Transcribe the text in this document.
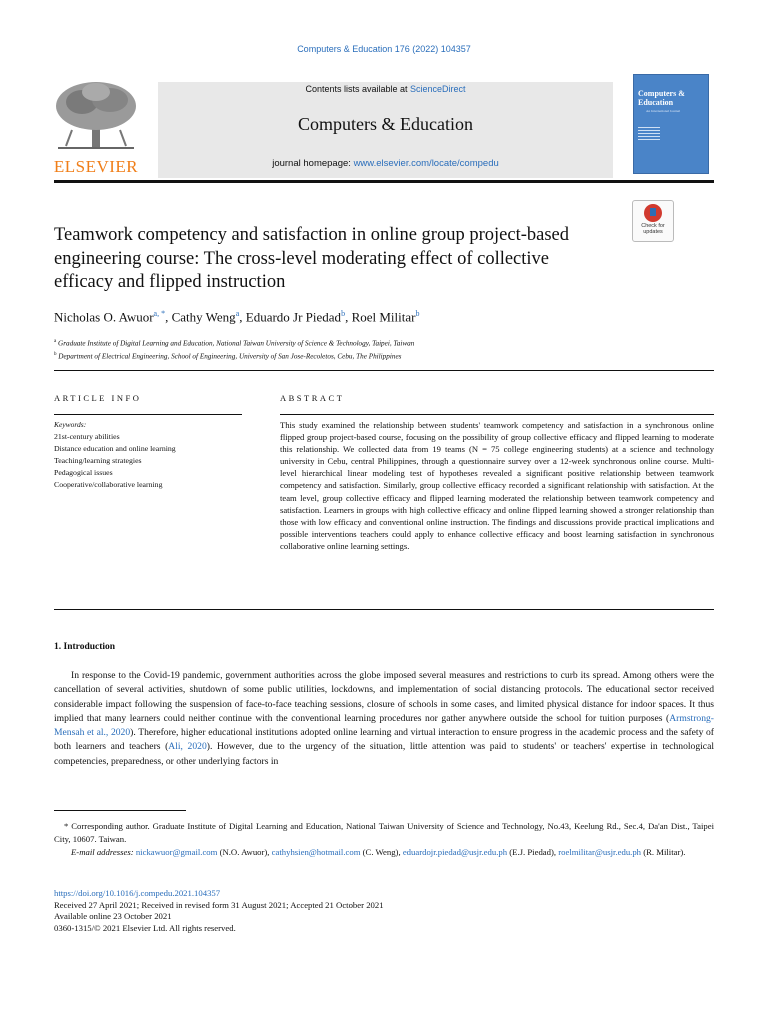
Computers & Education 176 (2022) 104357
ELSEVIER
Contents lists available at ScienceDirect
Computers & Education
journal homepage: www.elsevier.com/locate/compedu
Computers & Education
An International Journal
Check for updates
Teamwork competency and satisfaction in online group project-based engineering course: The cross-level moderating effect of collective efficacy and flipped instruction
Nicholas O. Awuor$^{a, *}$, Cathy Weng$^a$, Eduardo Jr Piedad$^b$, Roel Militar$^b$
$^a$ Graduate Institute of Digital Learning and Education, National Taiwan University of Science & Technology, Taipei, Taiwan
$^b$ Department of Electrical Engineering, School of Engineering, University of San Jose-Recoletos, Cebu, The Philippines
ARTICLE INFO
Keywords:
21st-century abilities
Distance education and online learning
Teaching/learning strategies
Pedagogical issues
Cooperative/collaborative learning
ABSTRACT
This study examined the relationship between students' teamwork competency and satisfaction in a synchronous online flipped group project-based course, focusing on the possibility of group collective efficacy and flipped learning to moderate this relationship. We collected data from 19 teams (N = 75 college engineering students) at a science and technology university in Cebu, central Philippines, through a questionnaire survey over a 12-week synchronous online course. Multi-level hierarchical linear modeling test of hypotheses revealed a significant positive relationship between teamwork competency and satisfaction. Similarly, group collective efficacy recorded a significant relationship with satisfaction. At the team level, group collective efficacy and flipped learning moderated the relationship between teamwork competency and satisfaction. Learners in groups with high collective efficacy and online flipped learning showed a stronger relationship than those with low efficacy and conventional online instruction. The findings and discussions provide practical implications and possible interventions teachers could apply to enhance collective efficacy and boost learning satisfaction in synchronous collaborative online learning settings.
1. Introduction
In response to the Covid-19 pandemic, government authorities across the globe imposed several measures and restrictions to curb its spread. Among others were the cancellation of several activities, shutdown of some public utilities, lockdowns, and implementation of social distancing protocols. The educational sector received considerable impact following the suspension of face-to-face teaching sessions, closure of schools in some cases, and limited physical distance for indoor spaces. It thus implied that many learners could neither continue with the conventional learning procedures nor gather anywhere outside the school for tuition purposes (Armstrong-Mensah et al., 2020). Therefore, higher educational institutions adopted online learning and virtual interaction to ensure progress in the academic process and the safety of both learners and teachers (Ali, 2020). However, due to the urgency of the situation, little attention was paid to students' or teachers' expertise in technological competencies, preparedness, or other underlying factors in
* Corresponding author. Graduate Institute of Digital Learning and Education, National Taiwan University of Science and Technology, No.43, Keelung Rd., Sec.4, Da'an Dist., Taipei City, 10607. Taiwan.
E-mail addresses: nickawuor@gmail.com (N.O. Awuor), cathyhsien@hotmail.com (C. Weng), eduardojr.piedad@usjr.edu.ph (E.J. Piedad), roelmilitar@usjr.edu.ph (R. Militar).
https://doi.org/10.1016/j.compedu.2021.104357
Received 27 April 2021; Received in revised form 31 August 2021; Accepted 21 October 2021
Available online 23 October 2021
0360-1315/© 2021 Elsevier Ltd. All rights reserved.
